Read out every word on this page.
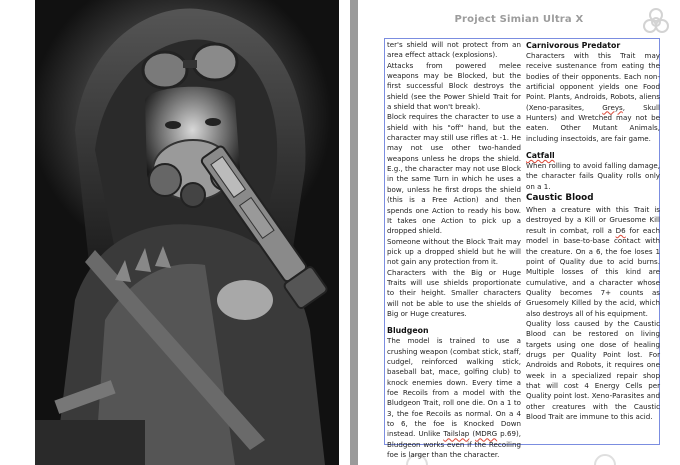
Project Simian Ultra X

ter's shield will not protect from an area effect attack (explosions).

Attacks from powered melee weapons may be Blocked, but the first successful Block destroys the shield (see the Power Shield Trait for a shield that won't break).

Block requires the character to use a shield with his "off" hand, but the character may still use rifles at -1. He may not use other two-handed weapons unless he drops the shield. E.g., the character may not use Block in the same Turn in which he uses a bow, unless he first drops the shield (this is a Free Action) and then spends one Action to ready his bow. It takes one Action to pick up a dropped shield.

Someone without the Block Trait may pick up a dropped shield but he will not gain any protection from it.

Characters with the Big or Huge Traits will use shields proportionate to their height. Smaller characters will not be able to use the shields of Big or Huge creatures.

Bludgeon

The model is trained to use a crushing weapon (combat stick, staff, cudgel, reinforced walking stick, baseball bat, mace, golfing club) to knock enemies down. Every time a foe Recoils from a model with the Bludgeon Trait, roll one die. On a 1 to 3, the foe Recoils as normal. On a 4 to 6, the foe is Knocked Down instead. Unlike Tailslap (MDRG p.69), Bludgeon works even if the Recoiling foe is larger than the character.

Carnivorous Predator

Characters with this Trait may receive sustenance from eating the bodies of their opponents. Each non-artificial opponent yields one Food Point. Plants, Androids, Robots, aliens (Xeno-parasites, Greys, Skull Hunters) and Wretched may not be eaten. Other Mutant Animals, including insectoids, are fair game.

Catfall

When rolling to avoid falling damage, the character fails Quality rolls only on a 1.

Caustic Blood

When a creature with this Trait is destroyed by a Kill or Gruesome Kill result in combat, roll a D6 for each model in base-to-base contact with the creature. On a 6, the foe loses 1 point of Quality due to acid burns. Multiple losses of this kind are cumulative, and a character whose Quality becomes 7+ counts as Gruesomely Killed by the acid, which also destroys all of his equipment.

Quality loss caused by the Caustic Blood can be restored on living targets using one dose of healing drugs per Quality Point lost. For Androids and Robots, it requires one week in a specialized repair shop that will cost 4 Energy Cells per Quality point lost. Xeno-Parasites and other creatures with the Caustic Blood Trait are immune to this acid.
